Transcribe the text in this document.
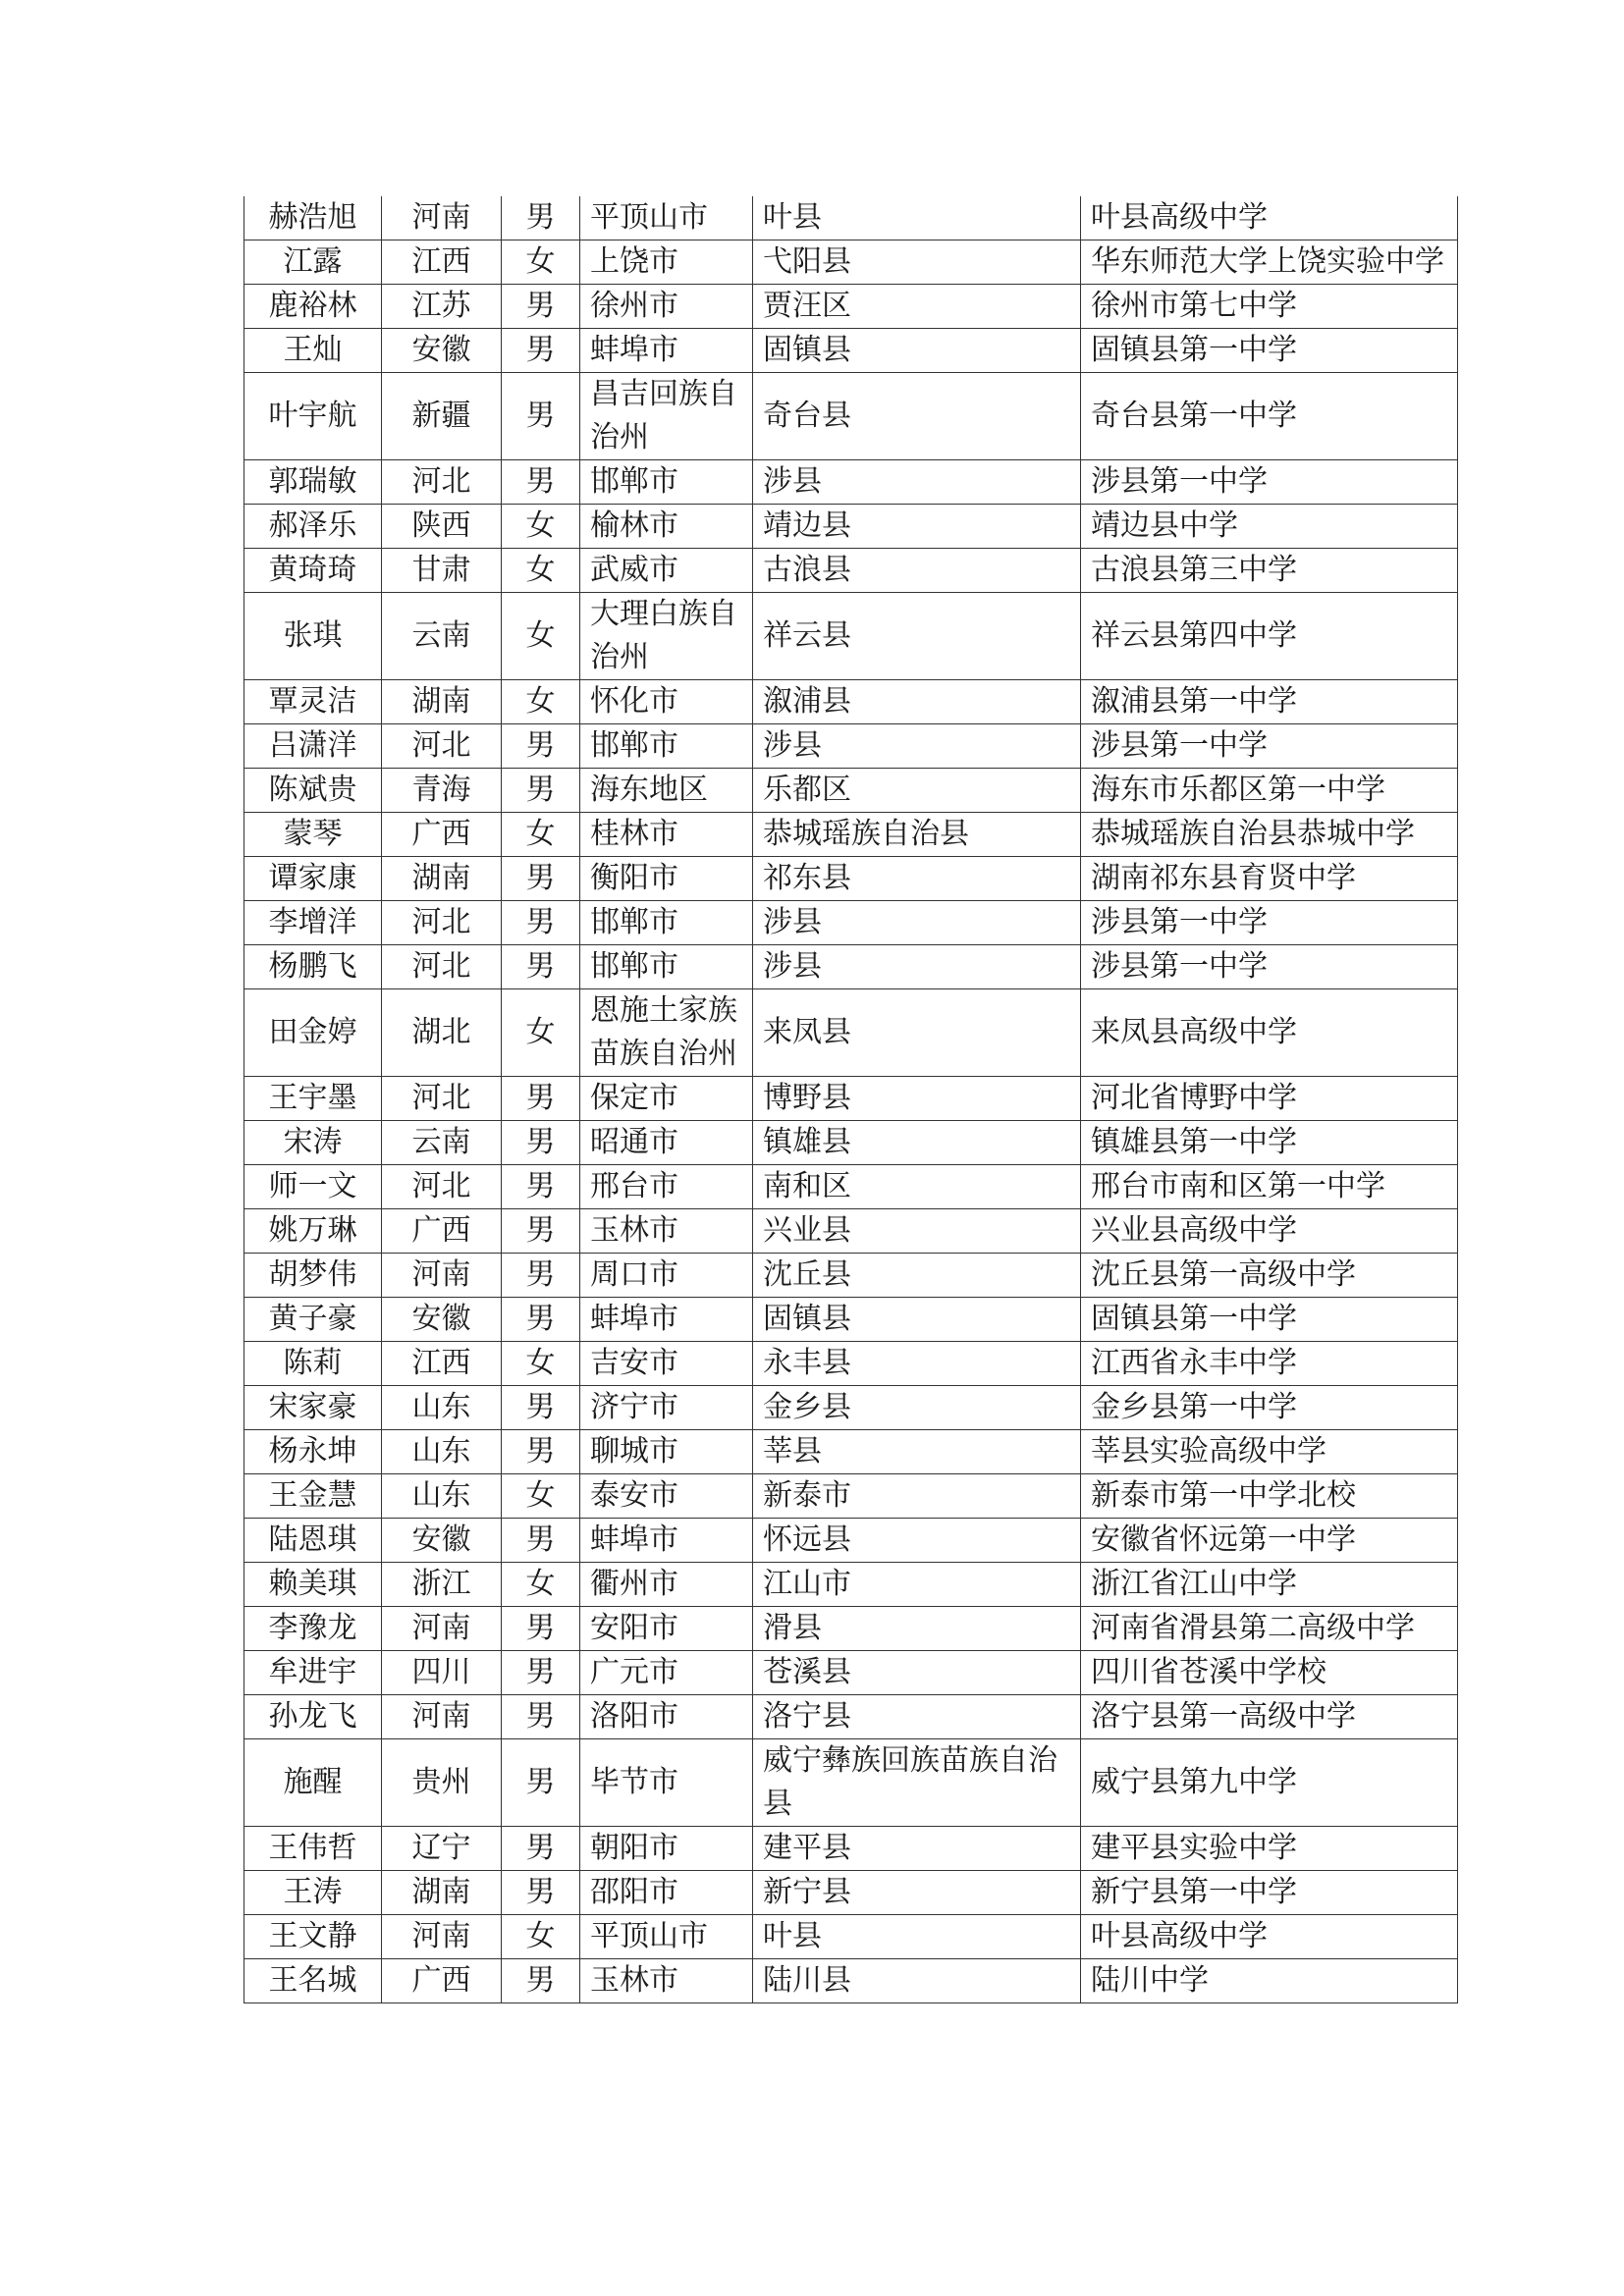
赫浩旭	河南	男	平顶山市	叶县	叶县高级中学
江露	江西	女	上饶市	弋阳县	华东师范大学上饶实验中学
鹿裕林	江苏	男	徐州市	贾汪区	徐州市第七中学
王灿	安徽	男	蚌埠市	固镇县	固镇县第一中学
叶宇航	新疆	男	昌吉回族自治州	奇台县	奇台县第一中学
郭瑞敏	河北	男	邯郸市	涉县	涉县第一中学
郝泽乐	陕西	女	榆林市	靖边县	靖边县中学
黄琦琦	甘肃	女	武威市	古浪县	古浪县第三中学
张琪	云南	女	大理白族自治州	祥云县	祥云县第四中学
覃灵洁	湖南	女	怀化市	溆浦县	溆浦县第一中学
吕潇洋	河北	男	邯郸市	涉县	涉县第一中学
陈斌贵	青海	男	海东地区	乐都区	海东市乐都区第一中学
蒙琴	广西	女	桂林市	恭城瑶族自治县	恭城瑶族自治县恭城中学
谭家康	湖南	男	衡阳市	祁东县	湖南祁东县育贤中学
李增洋	河北	男	邯郸市	涉县	涉县第一中学
杨鹏飞	河北	男	邯郸市	涉县	涉县第一中学
田金婷	湖北	女	恩施土家族苗族自治州	来凤县	来凤县高级中学
王宇墨	河北	男	保定市	博野县	河北省博野中学
宋涛	云南	男	昭通市	镇雄县	镇雄县第一中学
师一文	河北	男	邢台市	南和区	邢台市南和区第一中学
姚万琳	广西	男	玉林市	兴业县	兴业县高级中学
胡梦伟	河南	男	周口市	沈丘县	沈丘县第一高级中学
黄子豪	安徽	男	蚌埠市	固镇县	固镇县第一中学
陈莉	江西	女	吉安市	永丰县	江西省永丰中学
宋家豪	山东	男	济宁市	金乡县	金乡县第一中学
杨永坤	山东	男	聊城市	莘县	莘县实验高级中学
王金慧	山东	女	泰安市	新泰市	新泰市第一中学北校
陆恩琪	安徽	男	蚌埠市	怀远县	安徽省怀远第一中学
赖美琪	浙江	女	衢州市	江山市	浙江省江山中学
李豫龙	河南	男	安阳市	滑县	河南省滑县第二高级中学
牟进宇	四川	男	广元市	苍溪县	四川省苍溪中学校
孙龙飞	河南	男	洛阳市	洛宁县	洛宁县第一高级中学
施醒	贵州	男	毕节市	威宁彝族回族苗族自治县	威宁县第九中学
王伟哲	辽宁	男	朝阳市	建平县	建平县实验中学
王涛	湖南	男	邵阳市	新宁县	新宁县第一中学
王文静	河南	女	平顶山市	叶县	叶县高级中学
王名城	广西	男	玉林市	陆川县	陆川中学
